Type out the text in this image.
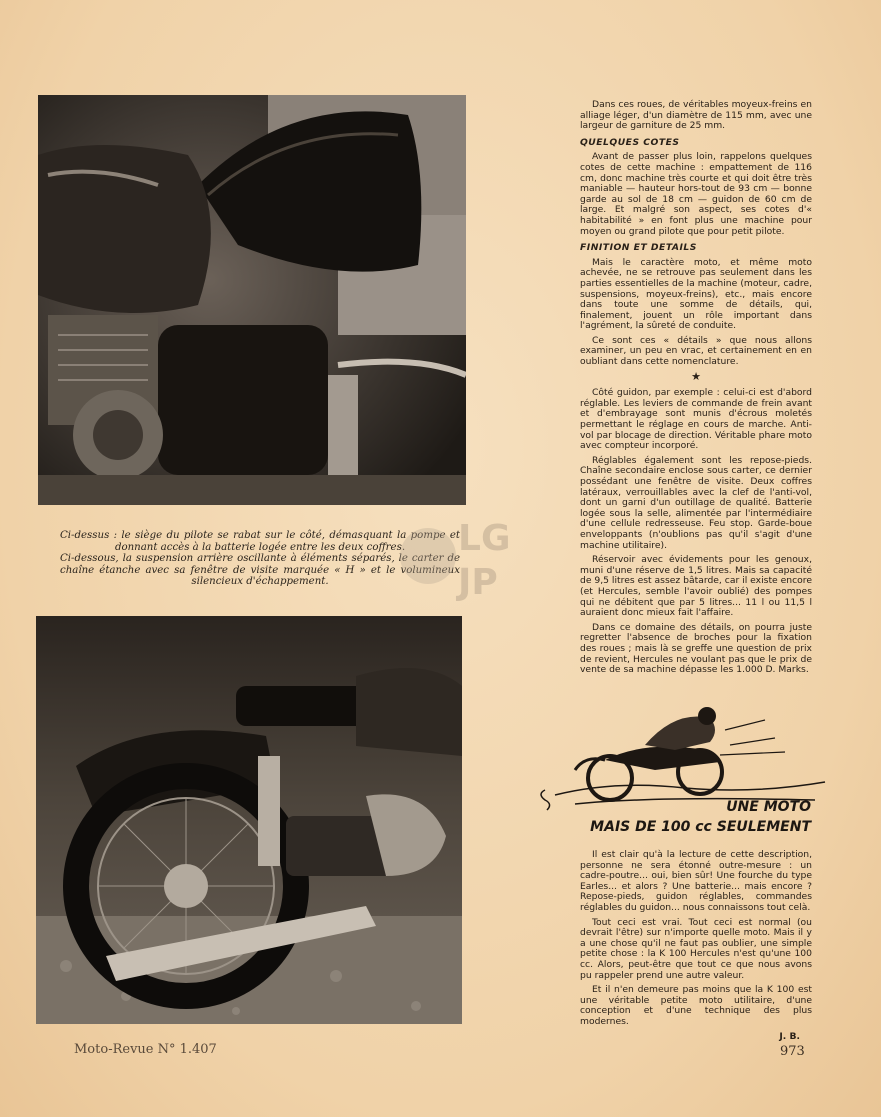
Ci-dessus : le siège du pilote se rabat sur le côté, démasquant la pompe et donnant accès à la batterie logée entre les deux coffres.

Ci-dessous, la suspension arrière oscillante à éléments séparés, le carter de chaîne étanche avec sa fenêtre de visite marquée « H » et le volumineux silencieux d'échappement.

LG
JP

Dans ces roues, de véritables moyeux-freins en alliage léger, d'un diamètre de 115 mm, avec une largeur de garniture de 25 mm.

QUELQUES COTES

Avant de passer plus loin, rappelons quelques cotes de cette machine : empattement de 116 cm, donc machine très courte et qui doit être très maniable — hauteur hors-tout de 93 cm — bonne garde au sol de 18 cm — guidon de 60 cm de large. Et malgré son aspect, ses cotes d'« habitabilité » en font plus une machine pour moyen ou grand pilote que pour petit pilote.

FINITION ET DETAILS

Mais le caractère moto, et même moto achevée, ne se retrouve pas seulement dans les parties essentielles de la machine (moteur, cadre, suspensions, moyeux-freins), etc., mais encore dans toute une somme de détails, qui, finalement, jouent un rôle important dans l'agrément, la sûreté de conduite.

Ce sont ces « détails » que nous allons examiner, un peu en vrac, et certainement en en oubliant dans cette nomenclature.

★

Côté guidon, par exemple : celui-ci est d'abord réglable. Les leviers de commande de frein avant et d'embrayage sont munis d'écrous moletés permettant le réglage en cours de marche. Anti-vol par blocage de direction. Véritable phare moto avec compteur incorporé.

Réglables également sont les repose-pieds. Chaîne secondaire enclose sous carter, ce dernier possédant une fenêtre de visite. Deux coffres latéraux, verrouillables avec la clef de l'anti-vol, dont un garni d'un outillage de qualité. Batterie logée sous la selle, alimentée par l'intermédiaire d'une cellule redresseuse. Feu stop. Garde-boue enveloppants (n'oublions pas qu'il s'agit d'une machine utilitaire).

Réservoir avec évidements pour les genoux, muni d'une réserve de 1,5 litres. Mais sa capacité de 9,5 litres est assez bâtarde, car il existe encore (et Hercules, semble l'avoir oublié) des pompes qui ne débitent que par 5 litres... 11 l ou 11,5 l auraient donc mieux fait l'affaire.

Dans ce domaine des détails, on pourra juste regretter l'absence de broches pour la fixation des roues ; mais là se greffe une question de prix de revient, Hercules ne voulant pas que le prix de vente de sa machine dépasse les 1.000 D. Marks.

UNE MOTO
MAIS DE 100 cc SEULEMENT

Il est clair qu'à la lecture de cette description, personne ne sera étonné outre-mesure : un cadre-poutre... oui, bien sûr! Une fourche du type Earles... et alors ? Une batterie... mais encore ? Repose-pieds, guidon réglables, commandes réglables du guidon... nous connaissons tout celà.

Tout ceci est vrai. Tout ceci est normal (ou devrait l'être) sur n'importe quelle moto. Mais il y a une chose qu'il ne faut pas oublier, une simple petite chose : la K 100 Hercules n'est qu'une 100 cc. Alors, peut-être que tout ce que nous avons pu rappeler prend une autre valeur.

Et il n'en demeure pas moins que la K 100 est une véritable petite moto utilitaire, d'une conception et d'une technique des plus modernes.

J. B.

Moto-Revue N° 1.407	973
